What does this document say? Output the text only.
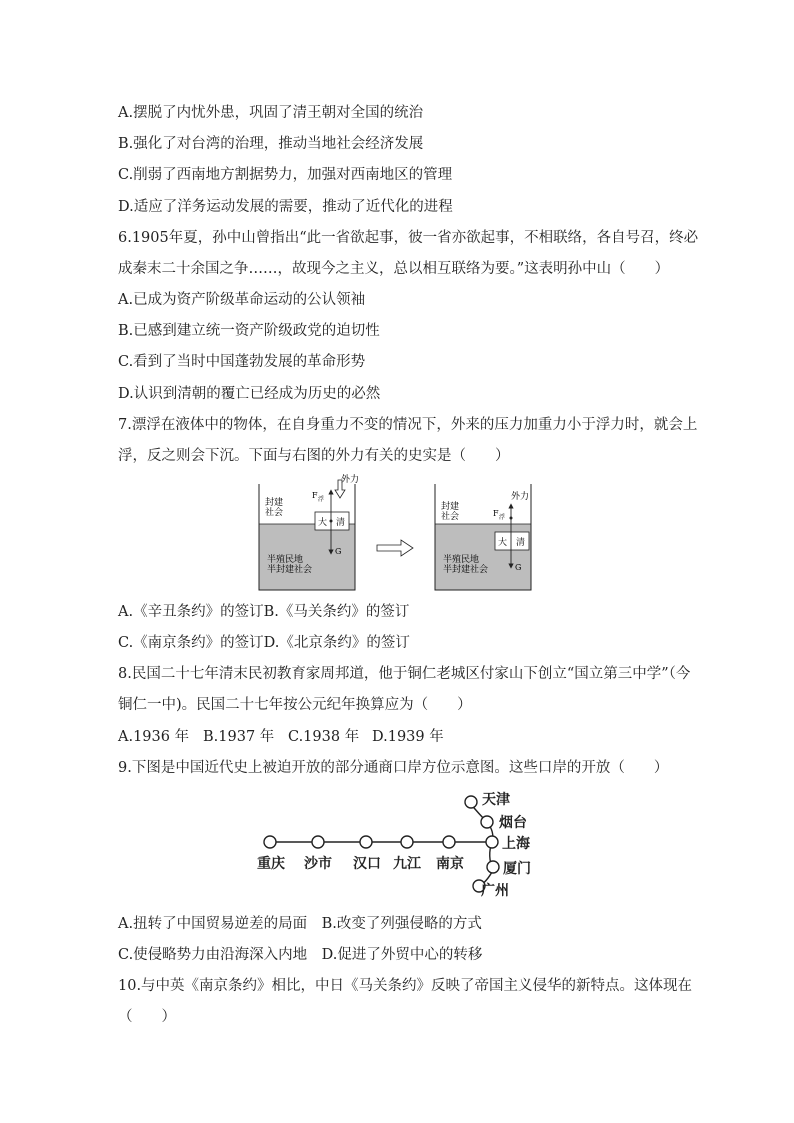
A.摆脱了内忧外患，巩固了清王朝对全国的统治
B.强化了对台湾的治理，推动当地社会经济发展
C.削弱了西南地方割据势力，加强对西南地区的管理
D.适应了洋务运动发展的需要，推动了近代化的进程
6.1905年夏，孙中山曾指出“此一省欲起事，彼一省亦欲起事，不相联络，各自号召，终必
成秦末二十余国之争……，故现今之主义，总以相互联络为要。”这表明孙中山（　　）
A.已成为资产阶级革命运动的公认领袖
B.已感到建立统一资产阶级政党的迫切性
C.看到了当时中国蓬勃发展的革命形势
D.认识到清朝的覆亡已经成为历史的必然
7.漂浮在液体中的物体，在自身重力不变的情况下，外来的压力加重力小于浮力时，就会上
浮，反之则会下沉。下面与右图的外力有关的史实是（　　）
封建
社会
半殖民地
半封建社会
大 清
F 浮
G
外力
封建
社会
半殖民地
半封建社会
大 清
F 浮
G
外力
A.《辛丑条约》的签订B.《马关条约》的签订
C.《南京条约》的签订D.《北京条约》的签订
8.民国二十七年清末民初教育家周邦道，他于铜仁老城区付家山下创立“国立第三中学”（今
铜仁一中)。民国二十七年按公元纪年换算应为（　　）
A.1936 年 B.1937 年 C.1938 年 D.1939 年
9.下图是中国近代史上被迫开放的部分通商口岸方位示意图。这些口岸的开放（　　）
重庆 沙市 汉口 九江 南京
上海
天津
烟台
厦门
广州
A.扭转了中国贸易逆差的局面　B.改变了列强侵略的方式
C.使侵略势力由沿海深入内地　D.促进了外贸中心的转移
10.与中英《南京条约》相比，中日《马关条约》反映了帝国主义侵华的新特点。这体现在
（　　）
